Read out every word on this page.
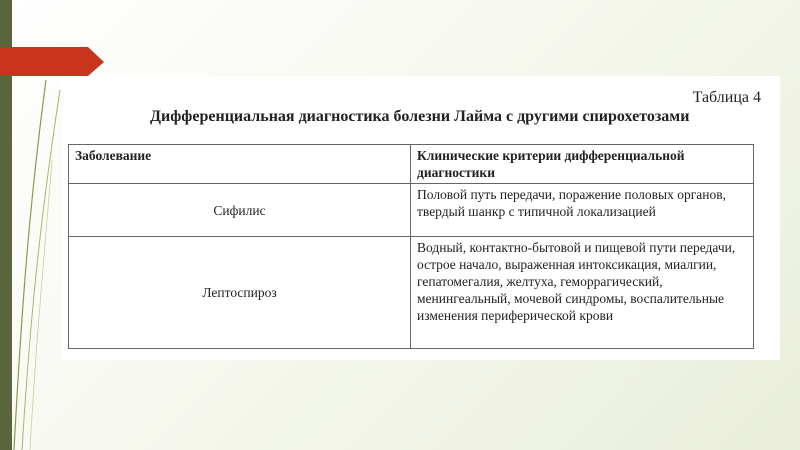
Таблица 4
Дифференциальная диагностика болезни Лайма с другими спирохетозами
Заболевание	Клинические критерии дифференциальной диагностики
Сифилис	Половой путь передачи, поражение половых органов, твердый шанкр с типичной локализацией
Лептоспироз	Водный, контактно-бытовой и пищевой пути передачи, острое начало, выраженная интоксикация, миалгии, гепатомегалия, желтуха, геморрагический, менингеальный, мочевой синдромы, воспалительные изменения периферической крови
